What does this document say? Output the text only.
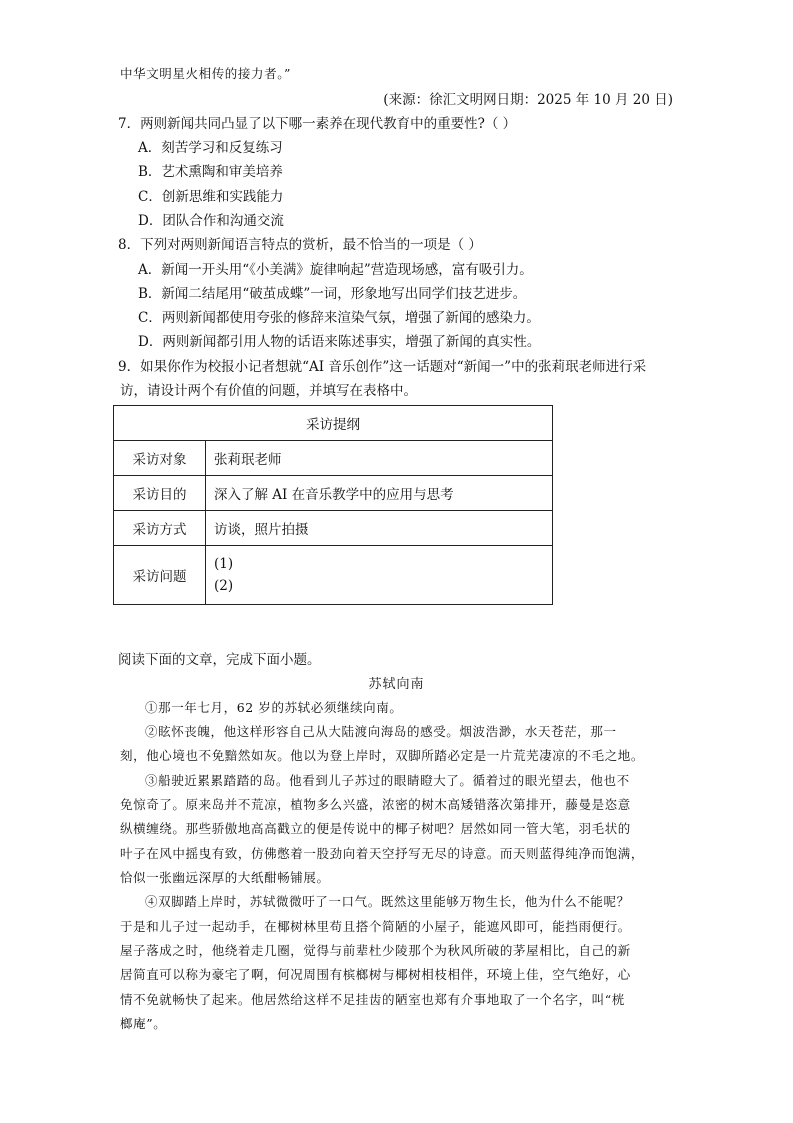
中华文明星火相传的接力者。”
(来源：徐汇文明网日期：2025 年 10 月 20 日)
7．两则新闻共同凸显了以下哪一素养在现代教育中的重要性?（ ）
A．刻苦学习和反复练习
B．艺术熏陶和审美培养
C．创新思维和实践能力
D．团队合作和沟通交流
8．下列对两则新闻语言特点的赏析，最不恰当的一项是（ ）
A．新闻一开头用“《小美满》旋律响起”营造现场感，富有吸引力。
B．新闻二结尾用“破茧成蝶”一词，形象地写出同学们技艺进步。
C．两则新闻都使用夸张的修辞来渲染气氛，增强了新闻的感染力。
D．两则新闻都引用人物的话语来陈述事实，增强了新闻的真实性。
9．如果你作为校报小记者想就“AI 音乐创作”这一话题对“新闻一”中的张莉珉老师进行采
访，请设计两个有价值的问题，并填写在表格中。
采访提纲	
采访对象	张莉珉老师
采访目的	深入了解 AI 在音乐教学中的应用与思考
采访方式	访谈，照片拍摄
采访问题	(1)
(2)
阅读下面的文章，完成下面小题。
苏轼向南
①那一年七月，62 岁的苏轼必须继续向南。
②眩怀丧魄，他这样形容自己从大陆渡向海岛的感受。烟波浩渺，水天苍茫，那一
刻，他心境也不免黯然如灰。他以为登上岸时，双脚所踏必定是一片荒芜凄凉的不毛之地。
③船驶近累累踏踏的岛。他看到儿子苏过的眼睛瞪大了。循着过的眼光望去，他也不
免惊奇了。原来岛并不荒凉，植物多么兴盛，浓密的树木高矮错落次第排开，藤曼是恣意
纵横缠绕。那些骄傲地高高戳立的便是传说中的椰子树吧？居然如同一管大笔，羽毛状的
叶子在风中摇曳有致，仿佛憋着一股劲向着天空抒写无尽的诗意。而天则蓝得纯净而饱满，
恰似一张幽远深厚的大纸酣畅铺展。
④双脚踏上岸时，苏轼微微吁了一口气。既然这里能够万物生长，他为什么不能呢？
于是和儿子过一起动手，在椰树林里苟且搭个简陋的小屋子，能遮风即可，能挡雨便行。
屋子落成之时，他绕着走几圈，觉得与前辈杜少陵那个为秋风所破的茅屋相比，自己的新
居简直可以称为豪宅了啊，何况周围有槟榔树与椰树相枝相伴，环境上佳，空气绝好，心
情不免就畅快了起来。他居然给这样不足挂齿的陋室也郑有介事地取了一个名字，叫“桄
榔庵”。
